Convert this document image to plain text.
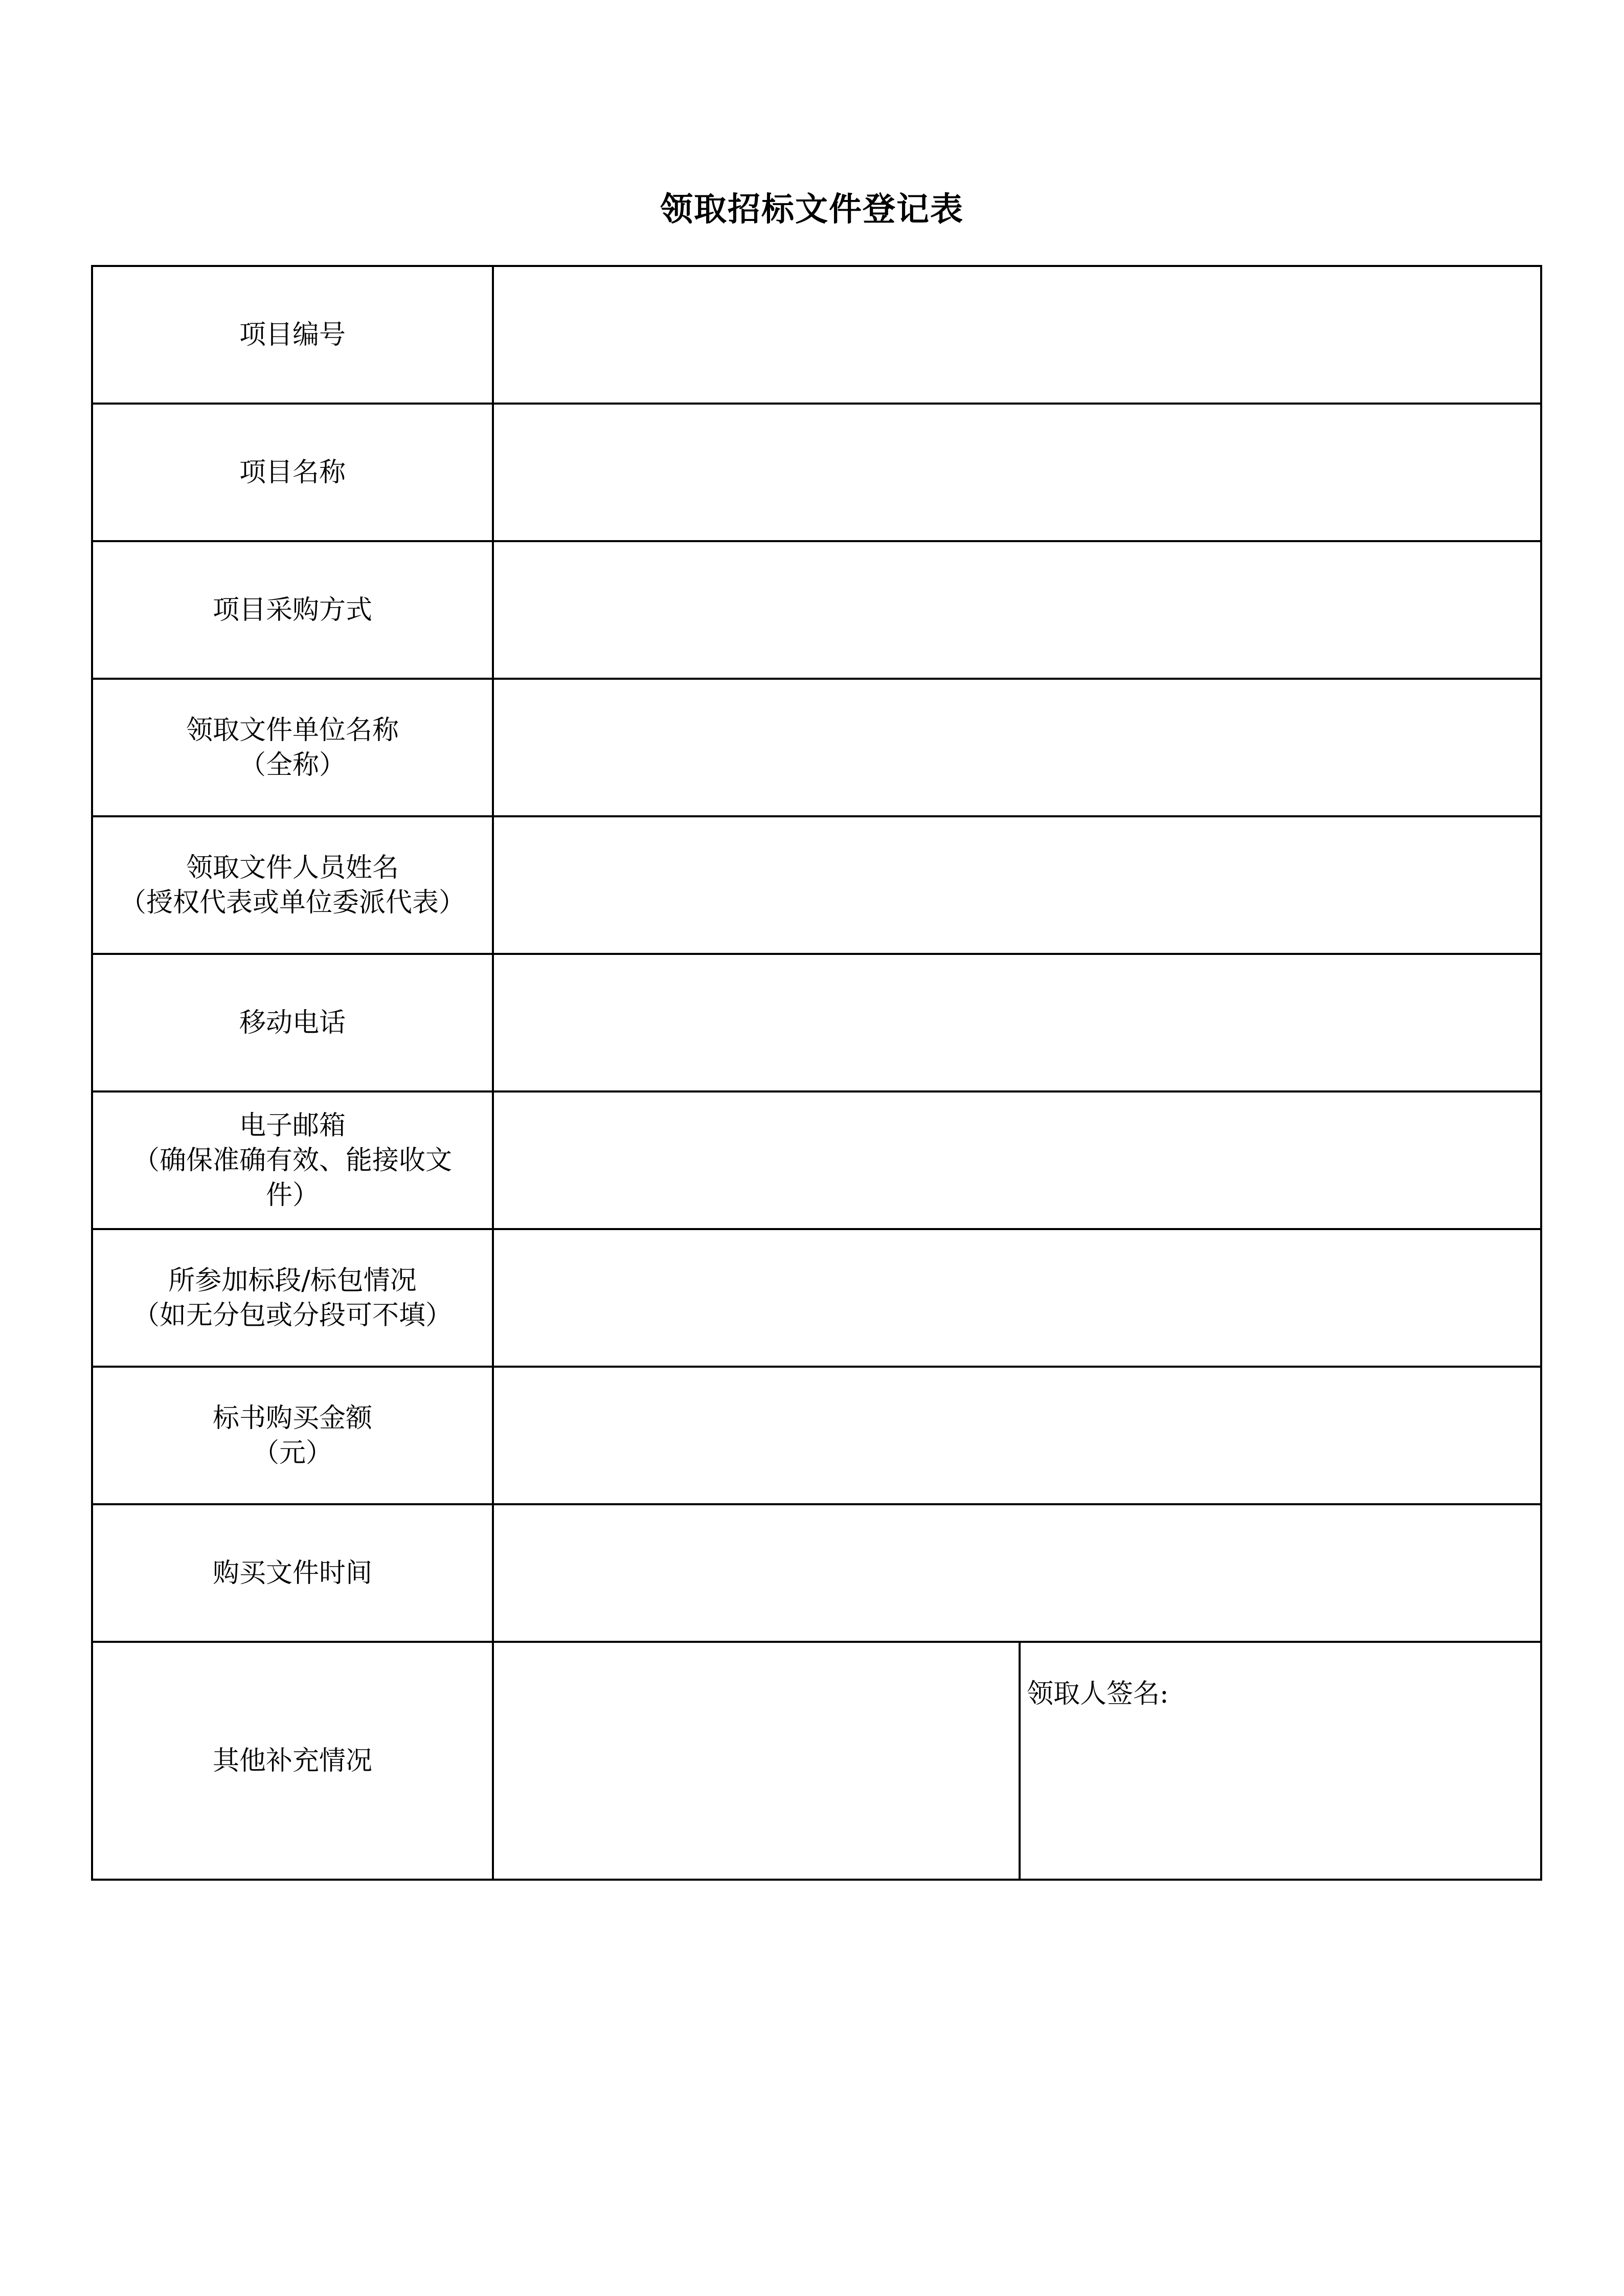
领取招标文件登记表
项目编号		

项目名称		

项目采购方式		

领取文件单位名称
（全称）		

领取文件人员姓名
（授权代表或单位委派代表）		

移动电话		

电子邮箱
（确保准确有效、能接收文
件）		

所参加标段/标包情况
（如无分包或分段可不填）		

标书购买金额
（元）		

购买文件时间		

其他补充情况		领取人签名:
